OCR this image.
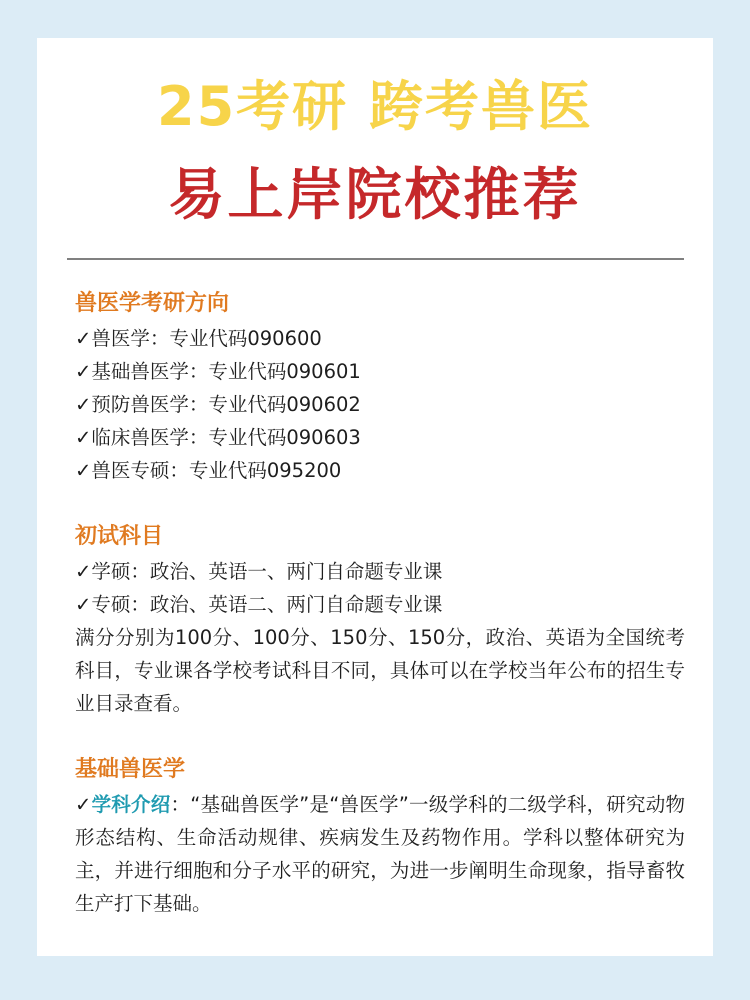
25考研 跨考兽医
易上岸院校推荐
兽医学考研方向
✓兽医学：专业代码090600
✓基础兽医学：专业代码090601
✓预防兽医学：专业代码090602
✓临床兽医学：专业代码090603
✓兽医专硕：专业代码095200
初试科目
✓学硕：政治、英语一、两门自命题专业课
✓专硕：政治、英语二、两门自命题专业课
满分分别为100分、100分、150分、150分，政治、英语为全国统考科目，专业课各学校考试科目不同，具体可以在学校当年公布的招生专业目录查看。
基础兽医学
✓学科介绍：“基础兽医学”是“兽医学”一级学科的二级学科，研究动物形态结构、生命活动规律、疾病发生及药物作用。学科以整体研究为主，并进行细胞和分子水平的研究，为进一步阐明生命现象，指导畜牧生产打下基础。
